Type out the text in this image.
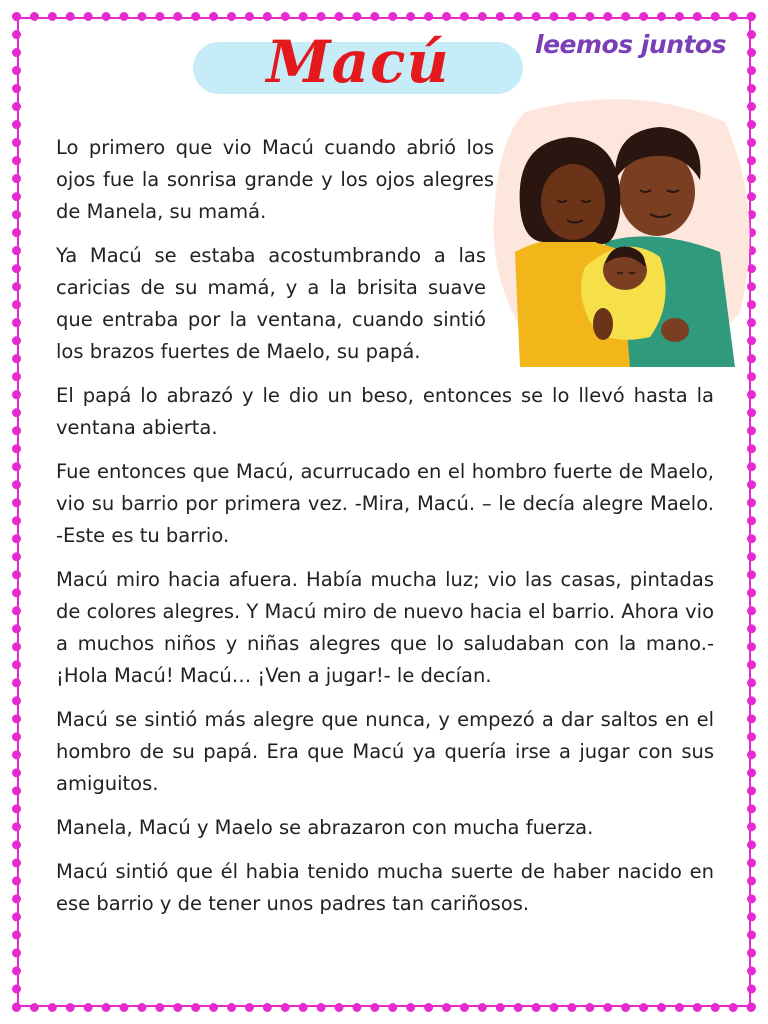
leemos juntos
Macú

Lo primero que vio Macú cuando abrió los ojos fue la sonrisa grande y los ojos alegres de Manela, su mamá.

Ya Macú se estaba acostumbrando a las caricias de su mamá, y a la brisita suave que entraba por la ventana, cuando sintió los brazos fuertes de Maelo, su papá.

El papá lo abrazó y le dio un beso, entonces se lo llevó hasta la ventana abierta.

Fue entonces que Macú, acurrucado en el hombro fuerte de Maelo, vio su barrio por primera vez. -Mira, Macú. – le decía alegre Maelo. -Este es tu barrio.

Macú miro hacia afuera. Había mucha luz; vio las casas, pintadas de colores alegres. Y Macú miro de nuevo hacia el barrio. Ahora vio a muchos niños y niñas alegres que lo saludaban con la mano.-¡Hola Macú! Macú… ¡Ven a jugar!- le decían.

Macú se sintió más alegre que nunca, y empezó a dar saltos en el hombro de su papá. Era que Macú ya quería irse a jugar con sus amiguitos.

Manela, Macú y Maelo se abrazaron con mucha fuerza.

Macú sintió que él habia tenido mucha suerte de haber nacido en ese barrio y de tener unos padres tan cariñosos.
